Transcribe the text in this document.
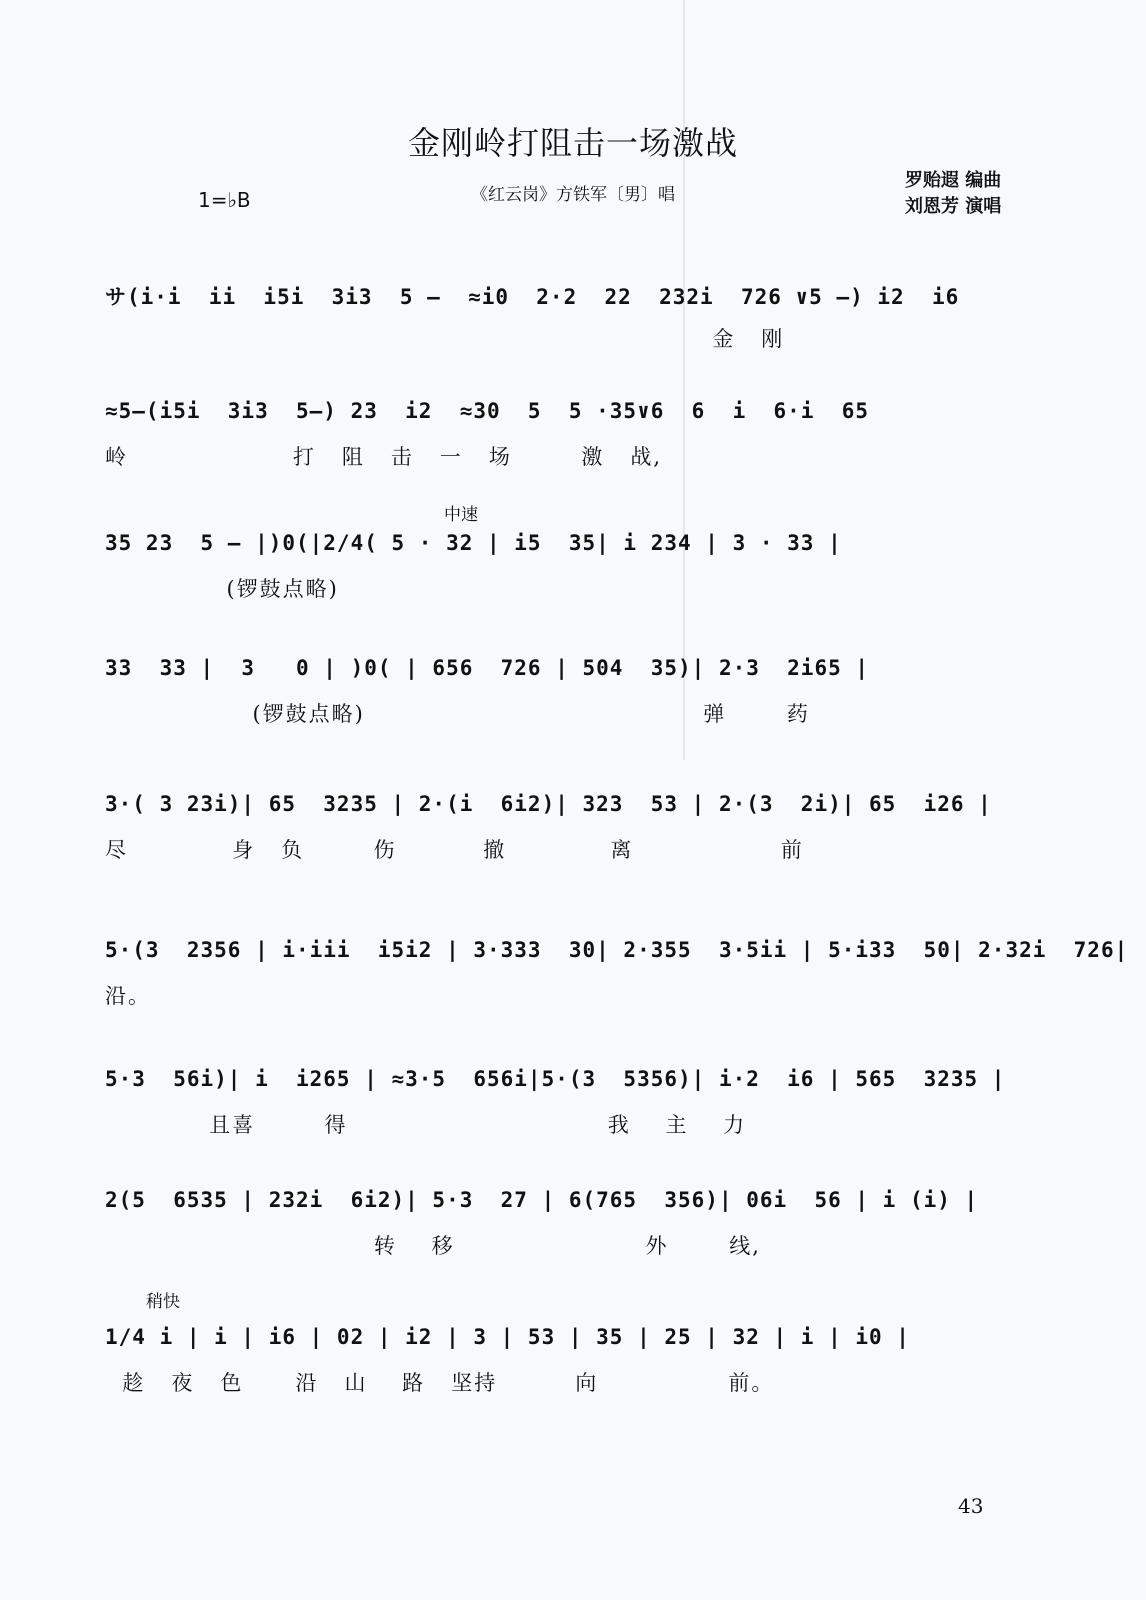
金刚岭打阻击一场激战
1=♭B	《红云岗》方铁军〔男〕唱
罗贻遐 编曲
刘恩芳 演唱
中速
稍快
サ(i·i  ii  i5i  3i3  5 —  ≈i0  2·2  22  232i  726 ∨5 —) i2  i6
金   刚
≈5—(i5i  3i3  5—) 23  i2  ≈30  5  5 ·35∨6  6  i  6·i  65
岭                   打   阻   击   一   场        激   战,
35 23  5 — |)0(|2/4( 5 · 32 | i5  35| i 234 | 3 · 33 |
(锣鼓点略)
33  33 |  3   0 | )0( | 656  726 | 504  35)| 2·3  2i65 |
(锣鼓点略)                                       弹       药
3·( 3 23i)| 65  3235 | 2·(i  6i2)| 323  53 | 2·(3  2i)| 65  i26 |
尽            身   负        伤          撤            离                 前
5·(3  2356 | i·iii  i5i2 | 3·333  30| 2·355  3·5ii | 5·i33  50| 2·32i  726|
沿。
5·3  56i)| i  i265 | ≈3·5  656i|5·(3  5356)| i·2  i6 | 565  3235 |
且喜        得                              我    主    力
2(5  6535 | 232i  6i2)| 5·3  27 | 6(765  356)| 06i  56 | i (i) |
转    移                      外       线,
1/4 i | i | i6 | 02 | i2 | 3 | 53 | 35 | 25 | 32 | i | i0 |
趁   夜   色      沿   山    路   坚持         向               前。
43
